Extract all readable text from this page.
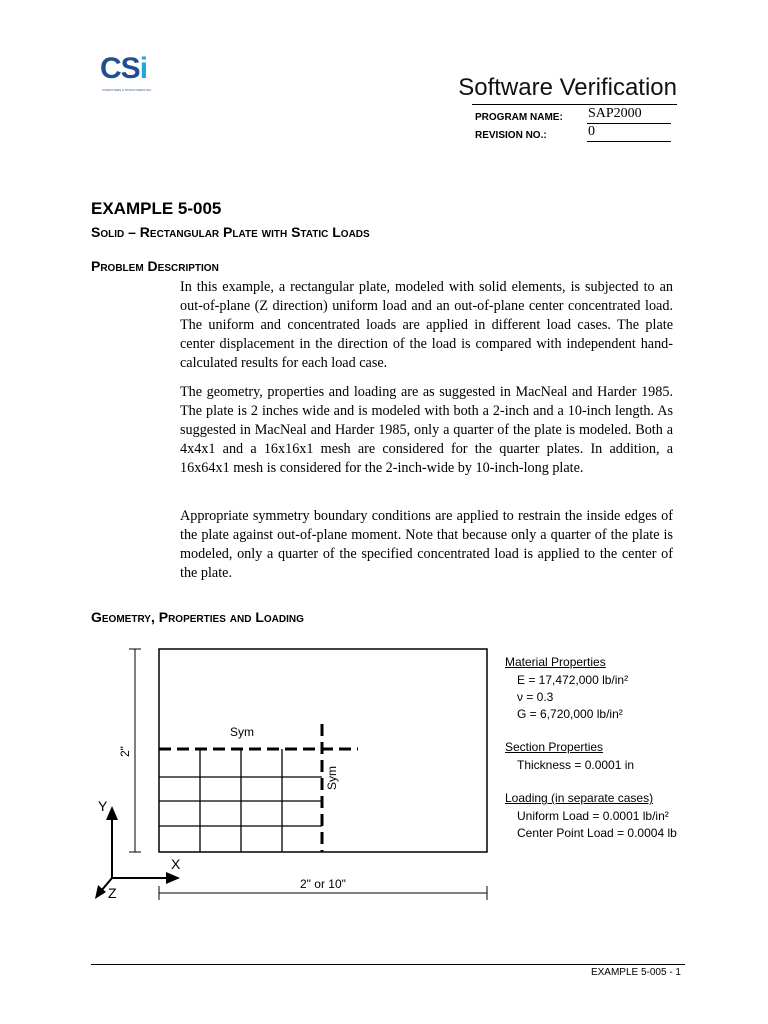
CSi
COMPUTERS & STRUCTURES INC.	Software Verification
PROGRAM NAME: SAP2000
REVISION NO.:	0
EXAMPLE 5-005
Solid – Rectangular Plate with Static Loads
Problem Description

In this example, a rectangular plate, modeled with solid elements, is subjected to an out-of-plane (Z direction) uniform load and an out-of-plane center concentrated load. The uniform and concentrated loads are applied in different load cases. The plate center displacement in the direction of the load is compared with independent hand-calculated results for each load case.

The geometry, properties and loading are as suggested in MacNeal and Harder 1985. The plate is 2 inches wide and is modeled with both a 2-inch and a 10-inch length. As suggested in MacNeal and Harder 1985, only a quarter of the plate is modeled. Both a 4x4x1 and a 16x16x1 mesh are considered for the quarter plates. In addition, a 16x64x1 mesh is considered for the 2-inch-wide by 10-inch-long plate.

Appropriate symmetry boundary conditions are applied to restrain the inside edges of the plate against out-of-plane moment. Note that because only a quarter of the plate is modeled, only a quarter of the specified concentrated load is applied to the center of the plate.

Geometry, Properties and Loading
Sym
Sym
2"
2" or 10"
X
Y
Z
Material Properties
E = 17,472,000 lb/in²
ν = 0.3
G = 6,720,000 lb/in²
Section Properties
Thickness = 0.0001 in
Loading (in separate cases)
Uniform Load = 0.0001 lb/in²
Center Point Load = 0.0004 lb
EXAMPLE 5-005 - 1
